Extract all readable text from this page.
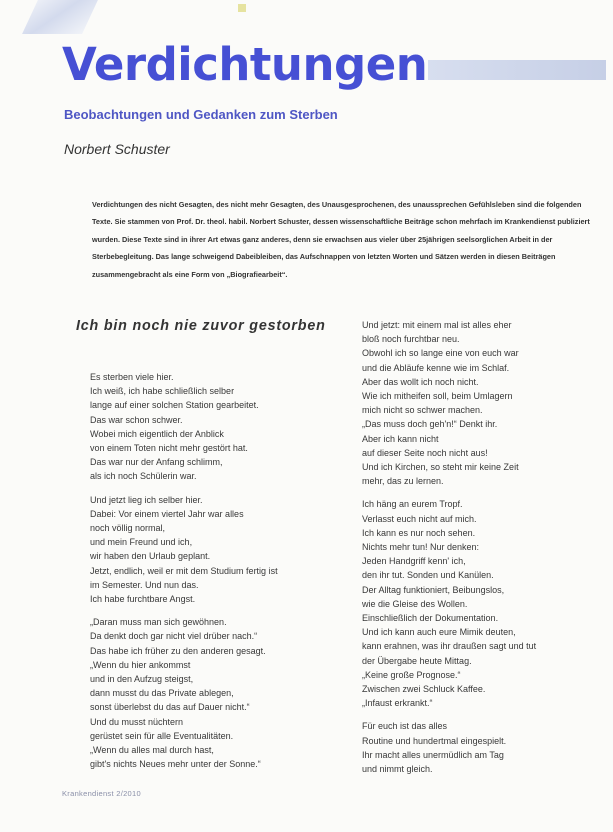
Verdichtungen
Beobachtungen und Gedanken zum Sterben

Norbert Schuster

Verdichtungen des nicht Gesagten, des nicht mehr Gesagten, des Unausgesprochenen, des unaussprechen Gefühlsleben sind die folgenden Texte. Sie stammen von Prof. Dr. theol. habil. Norbert Schuster, dessen wissenschaftliche Beiträge schon mehrfach im Krankendienst publiziert wurden. Diese Texte sind in ihrer Art etwas ganz anderes, denn sie erwachsen aus vieler über 25jährigen seelsorglichen Arbeit in der Sterbebegleitung. Das lange schweigend Dabeibleiben, das Aufschnappen von letzten Worten und Sätzen werden in diesen Beiträgen zusammengebracht als eine Form von „Biografiearbeit“.

Ich bin noch nie zuvor gestorben
Es sterben viele hier.
Ich weiß, ich habe schließlich selber
lange auf einer solchen Station gearbeitet.
Das war schon schwer.
Wobei mich eigentlich der Anblick
von einem Toten nicht mehr gestört hat.
Das war nur der Anfang schlimm,
als ich noch Schülerin war.
Und jetzt lieg ich selber hier.
Dabei: Vor einem viertel Jahr war alles
noch völlig normal,
und mein Freund und ich,
wir haben den Urlaub geplant.
Jetzt, endlich, weil er mit dem Studium fertig ist
im Semester. Und nun das.
Ich habe furchtbare Angst.
„Daran muss man sich gewöhnen.
Da denkt doch gar nicht viel drüber nach.“
Das habe ich früher zu den anderen gesagt.
„Wenn du hier ankommst
und in den Aufzug steigst,
dann musst du das Private ablegen,
sonst überlebst du das auf Dauer nicht.“
Und du musst nüchtern
gerüstet sein für alle Eventualitäten.
„Wenn du alles mal durch hast,
gibt's nichts Neues mehr unter der Sonne.“
Und jetzt: mit einem mal ist alles eher
bloß noch furchtbar neu.
Obwohl ich so lange eine von euch war
und die Abläufe kenne wie im Schlaf.
Aber das wollt ich noch nicht.
Wie ich mitheifen soll, beim Umlagern
mich nicht so schwer machen.
„Das muss doch geh'n!“ Denkt ihr.
Aber ich kann nicht
auf dieser Seite noch nicht aus!
Und ich Kirchen, so steht mir keine Zeit
mehr, das zu lernen.
Ich häng an eurem Tropf.
Verlasst euch nicht auf mich.
Ich kann es nur noch sehen.
Nichts mehr tun! Nur denken:
Jeden Handgriff kenn' ich,
den ihr tut. Sonden und Kanülen.
Der Alltag funktioniert, Beibungslos,
wie die Gleise des Wollen.
Einschließlich der Dokumentation.
Und ich kann auch eure Mimik deuten,
kann erahnen, was ihr draußen sagt und tut
der Übergabe heute Mittag.
„Keine große Prognose.“
Zwischen zwei Schluck Kaffee.
„Infaust erkrankt.“
Für euch ist das alles
Routine und hundertmal eingespielt.
Ihr macht alles unermüdlich am Tag
und nimmt gleich.
Krankendienst 2/2010
